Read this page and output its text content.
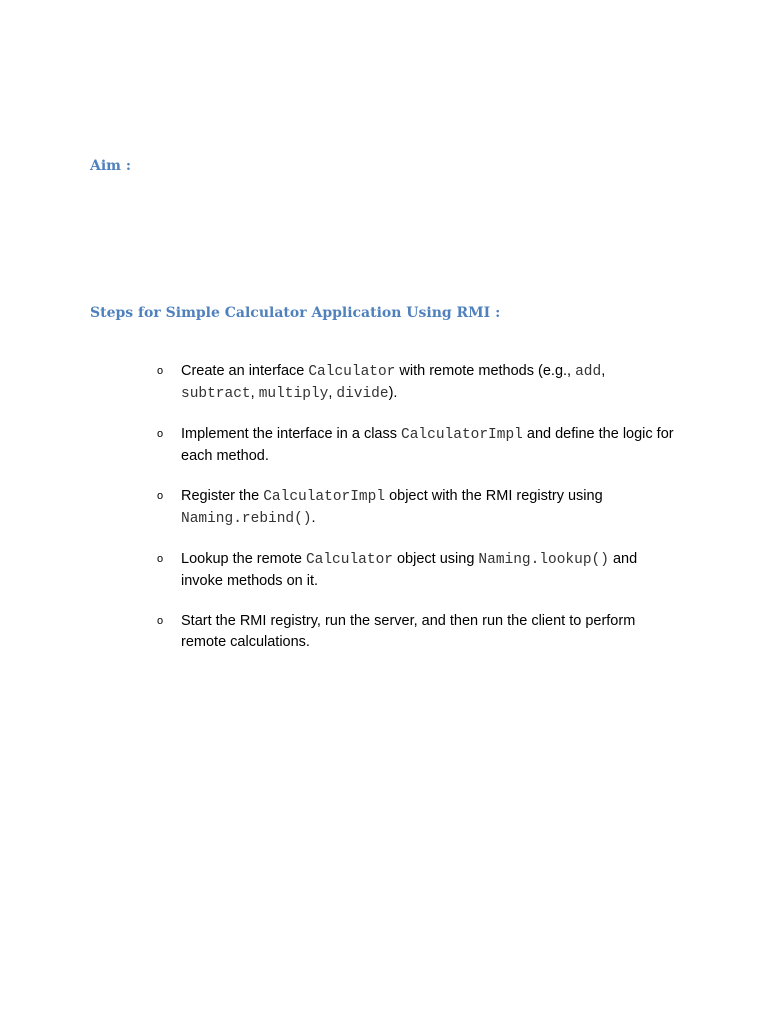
Aim :
Steps for Simple Calculator Application Using RMI :
o Create an interface Calculator with remote methods (e.g., add, subtract, multiply, divide).
o Implement the interface in a class CalculatorImpl and define the logic for each method.
o Register the CalculatorImpl object with the RMI registry using Naming.rebind().
o Lookup the remote Calculator object using Naming.lookup() and invoke methods on it.
o Start the RMI registry, run the server, and then run the client to perform remote calculations.
